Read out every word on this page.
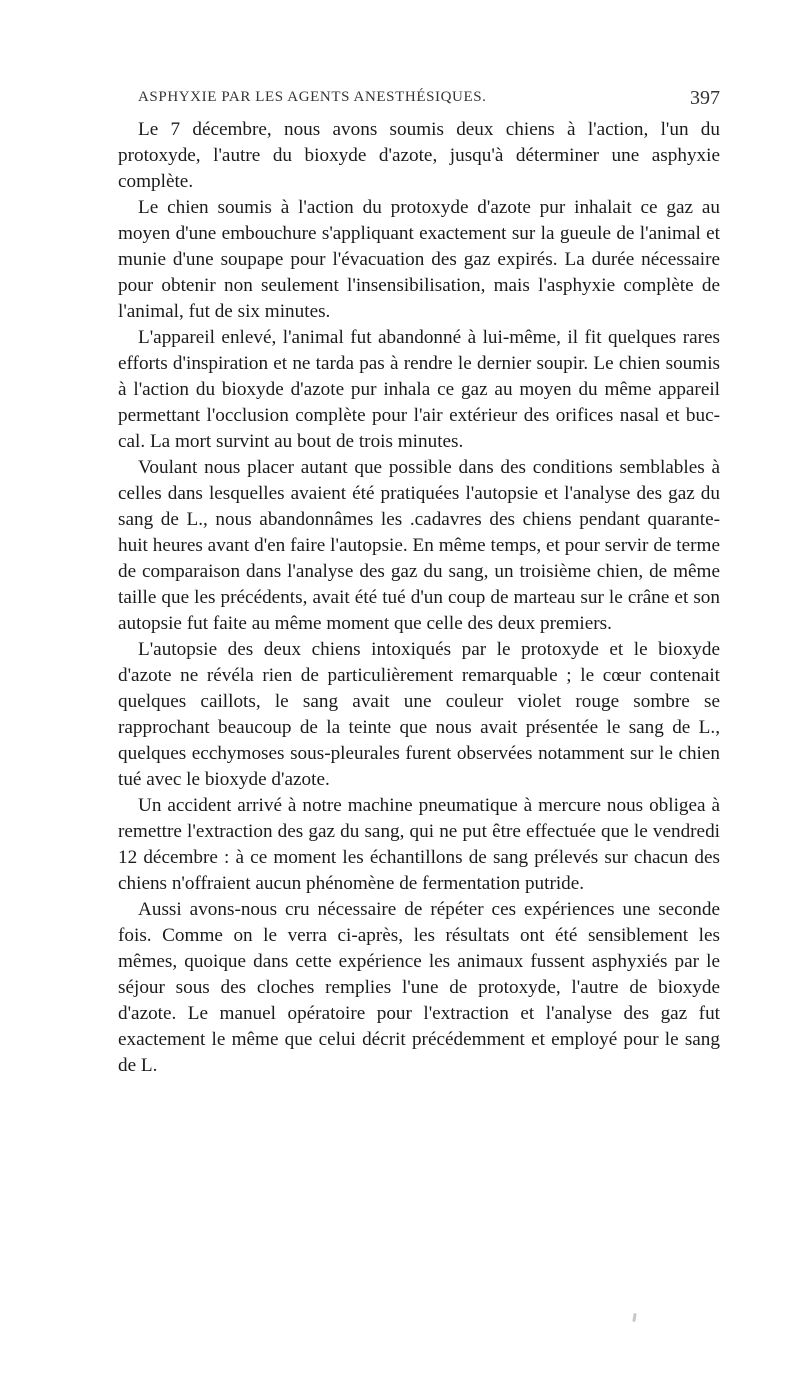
ASPHYXIE PAR LES AGENTS ANESTHÉSIQUES.	397

Le 7 décembre, nous avons soumis deux chiens à l'action, l'un du protoxyde, l'autre du bioxyde d'azote, jusqu'à déterminer une asphyxie complète.

Le chien soumis à l'action du protoxyde d'azote pur inhalait ce gaz au moyen d'une embouchure s'appliquant exactement sur la gueule de l'animal et munie d'une soupape pour l'évacuation des gaz expirés. La durée nécessaire pour obtenir non seulement l'insensibilisation, mais l'asphyxie complète de l'animal, fut de six minutes.

L'appareil enlevé, l'animal fut abandonné à lui-même, il fit quelques rares efforts d'inspiration et ne tarda pas à rendre le dernier soupir. Le chien soumis à l'action du bioxyde d'azote pur inhala ce gaz au moyen du même appareil permettant l'occlusion complète pour l'air extérieur des orifices nasal et buccal. La mort survint au bout de trois minutes.

Voulant nous placer autant que possible dans des conditions semblables à celles dans lesquelles avaient été pratiquées l'autopsie et l'analyse des gaz du sang de L., nous abandonnâmes les .cadavres des chiens pendant quarante-huit heures avant d'en faire l'autopsie. En même temps, et pour servir de terme de comparaison dans l'analyse des gaz du sang, un troisième chien, de même taille que les précédents, avait été tué d'un coup de marteau sur le crâne et son autopsie fut faite au même moment que celle des deux premiers.

L'autopsie des deux chiens intoxiqués par le protoxyde et le bioxyde d'azote ne révéla rien de particulièrement remarquable ; le cœur contenait quelques caillots, le sang avait une couleur violet rouge sombre se rapprochant beaucoup de la teinte que nous avait présentée le sang de L., quelques ecchymoses sous-pleurales furent observées notamment sur le chien tué avec le bioxyde d'azote.

Un accident arrivé à notre machine pneumatique à mercure nous obligea à remettre l'extraction des gaz du sang, qui ne put être effectuée que le vendredi 12 décembre : à ce moment les échantillons de sang prélevés sur chacun des chiens n'offraient aucun phénomène de fermentation putride.

Aussi avons-nous cru nécessaire de répéter ces expériences une seconde fois. Comme on le verra ci-après, les résultats ont été sensiblement les mêmes, quoique dans cette expérience les animaux fussent asphyxiés par le séjour sous des cloches remplies l'une de protoxyde, l'autre de bioxyde d'azote. Le manuel opératoire pour l'extraction et l'analyse des gaz fut exactement le même que celui décrit précédemment et employé pour le sang de L.
